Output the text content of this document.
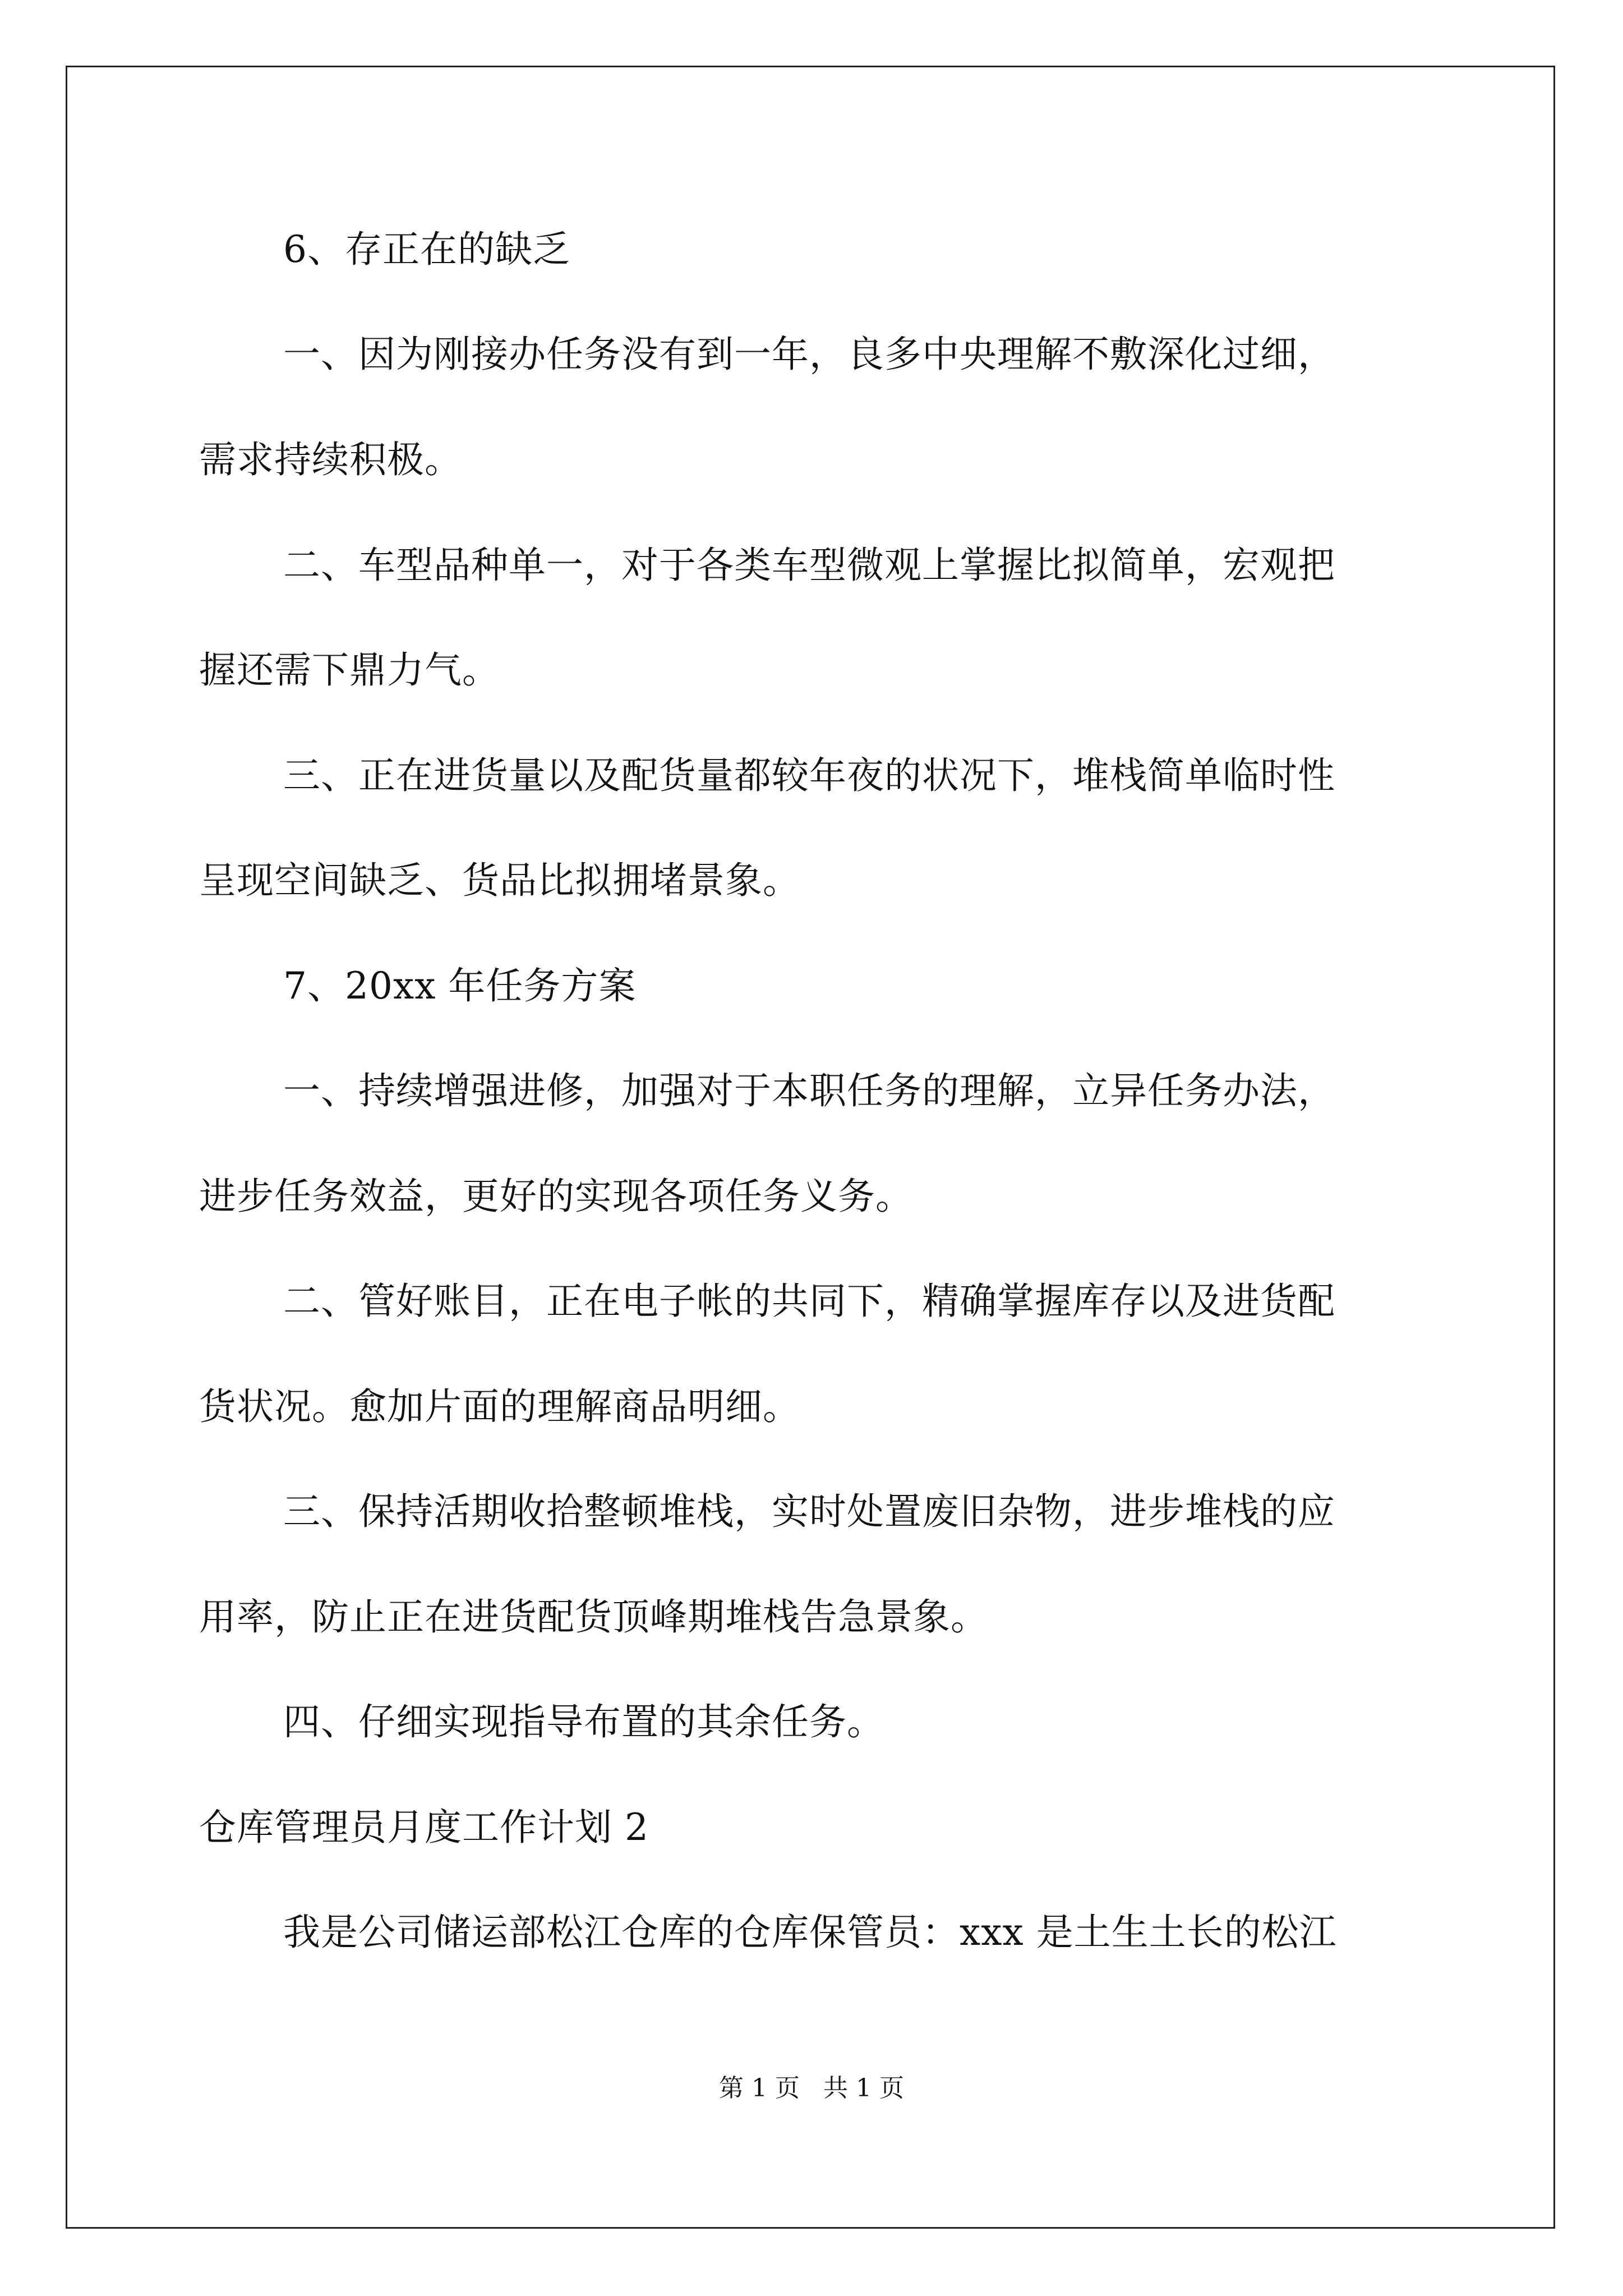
6、存正在的缺乏
一、因为刚接办任务没有到一年，良多中央理解不敷深化过细，
需求持续积极。
二、车型品种单一，对于各类车型微观上掌握比拟简单，宏观把
握还需下鼎力气。
三、正在进货量以及配货量都较年夜的状况下，堆栈简单临时性
呈现空间缺乏、货品比拟拥堵景象。
7、20xx 年任务方案
一、持续增强进修，加强对于本职任务的理解，立异任务办法，
进步任务效益，更好的实现各项任务义务。
二、管好账目，正在电子帐的共同下，精确掌握库存以及进货配
货状况。愈加片面的理解商品明细。
三、保持活期收拾整顿堆栈，实时处置废旧杂物，进步堆栈的应
用率，防止正在进货配货顶峰期堆栈告急景象。
四、仔细实现指导布置的其余任务。
仓库管理员月度工作计划 2
我是公司储运部松江仓库的仓库保管员：xxx 是土生土长的松江
第 1 页   共 1 页
